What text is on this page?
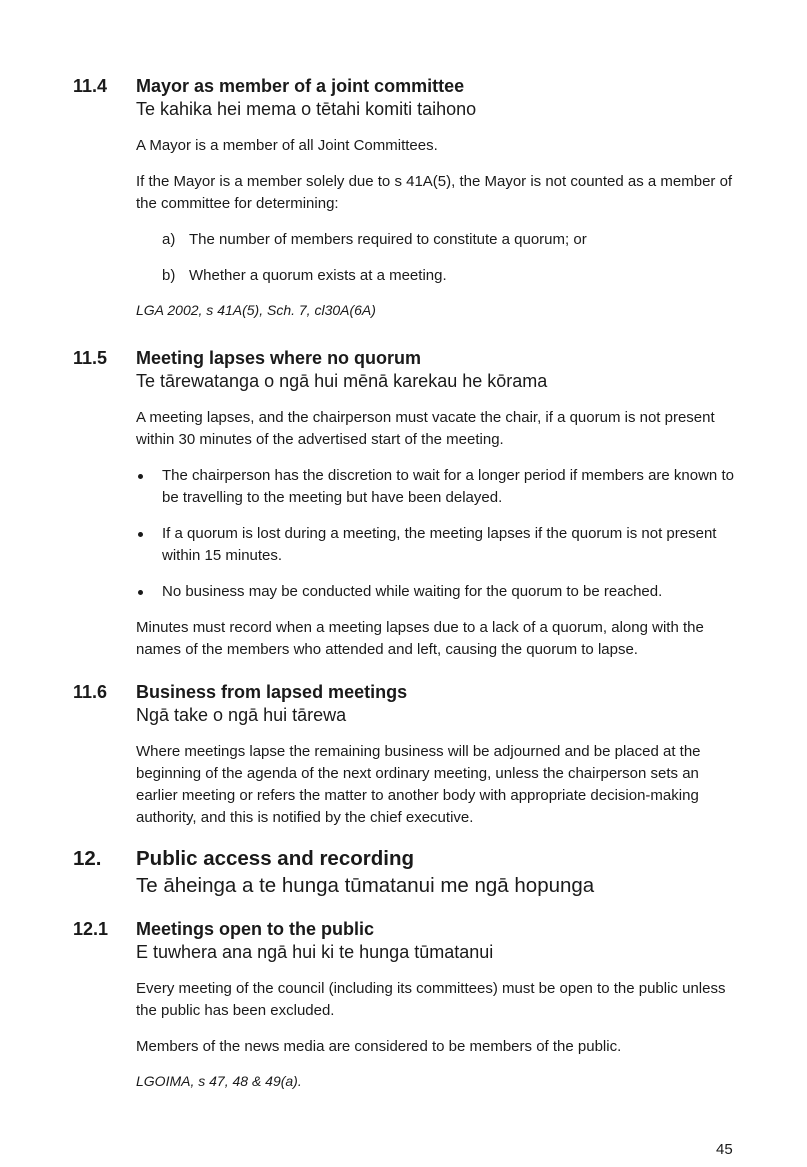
11.4	Mayor as member of a joint committee
Te kahika hei mema o tētahi komiti taihono

A Mayor is a member of all Joint Committees.

If the Mayor is a member solely due to s 41A(5), the Mayor is not counted as a member of the committee for determining:

a) The number of members required to constitute a quorum; or
b) Whether a quorum exists at a meeting.

LGA 2002, s 41A(5), Sch. 7, cl30A(6A)

11.5	Meeting lapses where no quorum
Te tārewatanga o ngā hui mēnā karekau he kōrama

A meeting lapses, and the chairperson must vacate the chair, if a quorum is not present within 30 minutes of the advertised start of the meeting.

The chairperson has the discretion to wait for a longer period if members are known to be travelling to the meeting but have been delayed.
If a quorum is lost during a meeting, the meeting lapses if the quorum is not present within 15 minutes.
No business may be conducted while waiting for the quorum to be reached.

Minutes must record when a meeting lapses due to a lack of a quorum, along with the names of the members who attended and left, causing the quorum to lapse.

11.6	Business from lapsed meetings
Ngā take o ngā hui tārewa

Where meetings lapse the remaining business will be adjourned and be placed at the beginning of the agenda of the next ordinary meeting, unless the chairperson sets an earlier meeting or refers the matter to another body with appropriate decision-making authority, and this is notified by the chief executive.

12.	Public access and recording
Te āheinga a te hunga tūmatanui me ngā hopunga
12.1	Meetings open to the public
E tuwhera ana ngā hui ki te hunga tūmatanui

Every meeting of the council (including its committees) must be open to the public unless the public has been excluded.

Members of the news media are considered to be members of the public.

LGOIMA, s 47, 48 & 49(a).

45
